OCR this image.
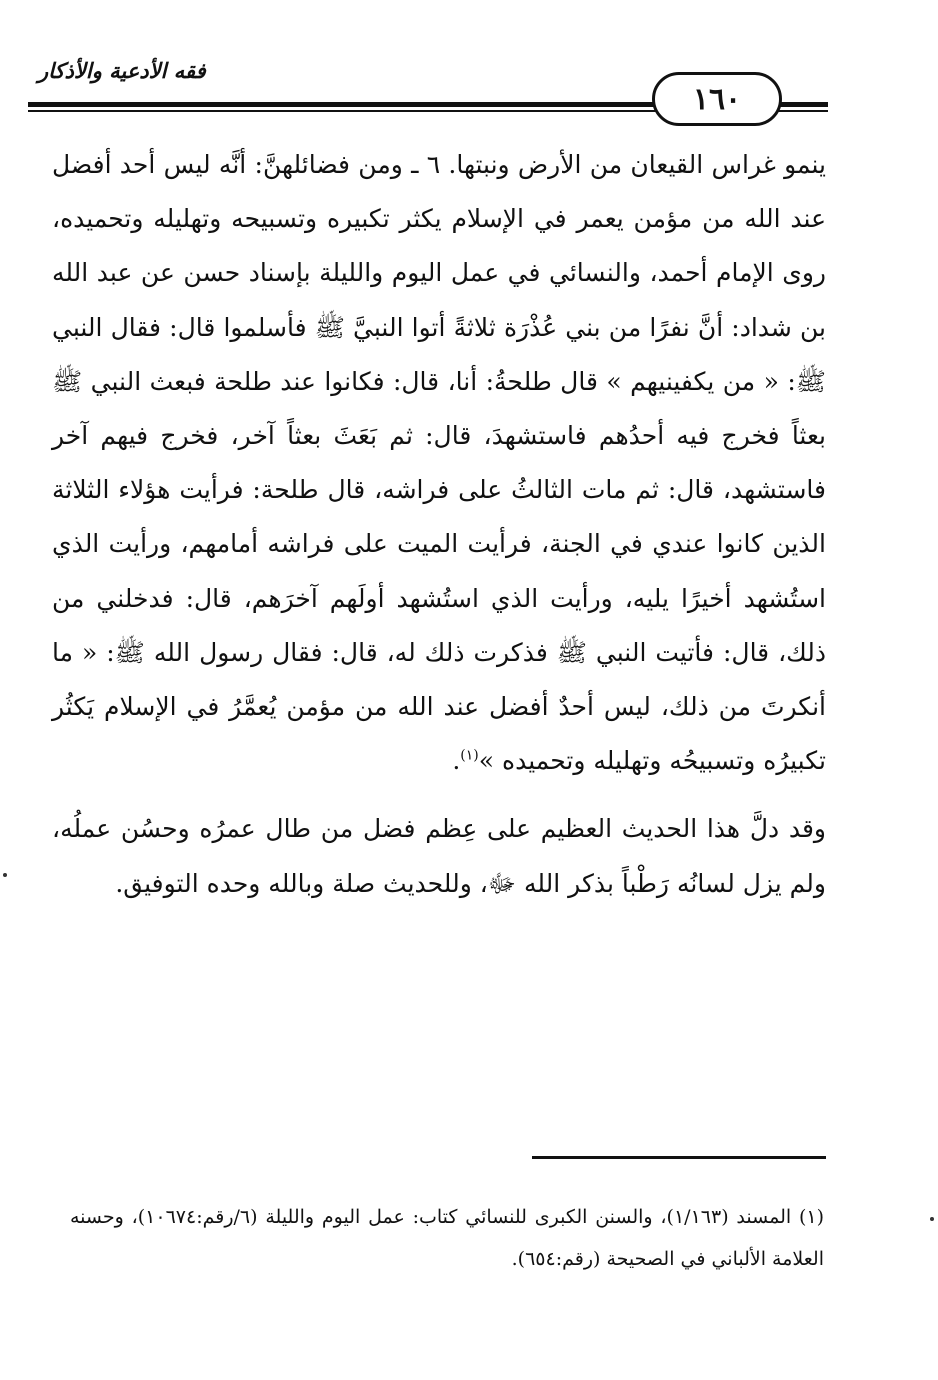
فقه الأدعية والأذكار
١٦٠

ينمو غراس القيعان من الأرض ونبتها. ٦ ـ ومن فضائلهنَّ: أنَّه ليس أحد أفضل عند الله من مؤمن يعمر في الإسلام يكثر تكبيره وتسبيحه وتهليله وتحميده، روى الإمام أحمد، والنسائي في عمل اليوم والليلة بإسناد حسن عن عبد الله بن شداد: أنَّ نفرًا من بني عُذْرَة ثلاثةً أتوا النبيَّ ﷺ فأسلموا قال: فقال النبي ﷺ: « من يكفينيهم » قال طلحةُ: أنا، قال: فكانوا عند طلحة فبعث النبي ﷺ بعثاً فخرج فيه أحدُهم فاستشهدَ، قال: ثم بَعَثَ بعثاً آخر، فخرج فيهم آخر فاستشهد، قال: ثم مات الثالثُ على فراشه، قال طلحة: فرأيت هؤلاء الثلاثة الذين كانوا عندي في الجنة، فرأيت الميت على فراشه أمامهم، ورأيت الذي استُشهد أخيرًا يليه، ورأيت الذي استُشهد أولَهم آخرَهم، قال: فدخلني من ذلك، قال: فأتيت النبي ﷺ فذكرت ذلك له، قال: فقال رسول الله ﷺ: « ما أنكرتَ من ذلك، ليس أحدٌ أفضل عند الله من مؤمن يُعمَّرُ في الإسلام يَكثُر تكبيرُه وتسبيحُه وتهليله وتحميده »$^{(١)}$.

وقد دلَّ هذا الحديث العظيم على عِظم فضل من طال عمرُه وحسُن عملُه، ولم يزل لسانُه رَطْباً بذكر الله ﷻ، وللحديث صلة وبالله وحده التوفيق.

(١) المسند (١/١٦٣)، والسنن الكبرى للنسائي كتاب: عمل اليوم والليلة (٦/رقم:١٠٦٧٤)، وحسنه العلامة الألباني في الصحيحة (رقم:٦٥٤).
